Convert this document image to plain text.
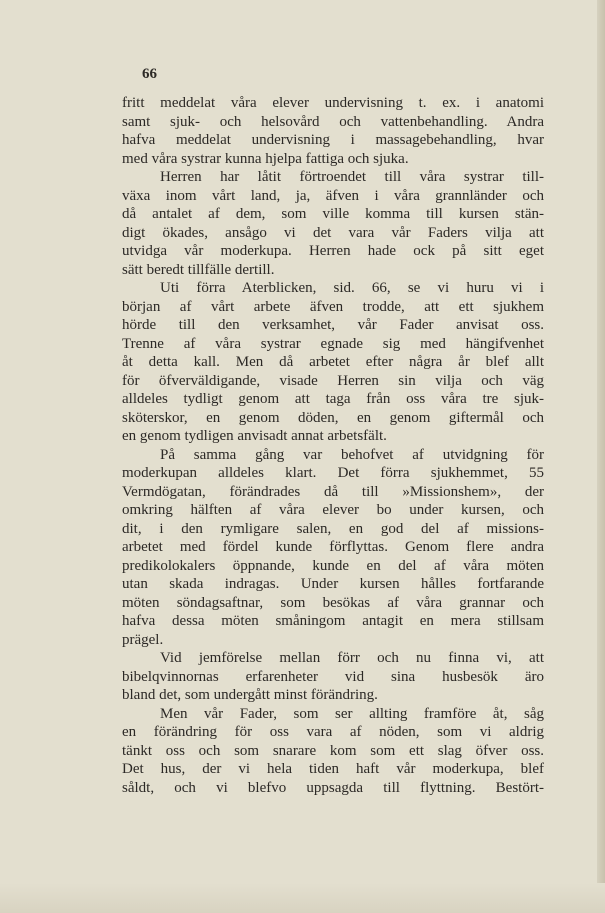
66
fritt meddelat våra elever undervisning t. ex. i anatomi
samt sjuk- och helsovård och vattenbehandling. Andra
hafva meddelat undervisning i massagebehandling, hvar
med våra systrar kunna hjelpa fattiga och sjuka.
Herren har låtit förtroendet till våra systrar till-
växa inom vårt land, ja, äfven i våra grannländer och
då antalet af dem, som ville komma till kursen stän-
digt ökades, ansågo vi det vara vår Faders vilja att
utvidga vår moderkupa. Herren hade ock på sitt eget
sätt beredt tillfälle dertill.
Uti förra Aterblicken, sid. 66, se vi huru vi i
början af vårt arbete äfven trodde, att ett sjukhem
hörde till den verksamhet, vår Fader anvisat oss.
Trenne af våra systrar egnade sig med hängifvenhet
åt detta kall. Men då arbetet efter några år blef allt
för öfverväldigande, visade Herren sin vilja och väg
alldeles tydligt genom att taga från oss våra tre sjuk-
sköterskor, en genom döden, en genom giftermål och
en genom tydligen anvisadt annat arbetsfält.
På samma gång var behofvet af utvidgning för
moderkupan alldeles klart. Det förra sjukhemmet, 55
Vermdögatan, förändrades då till »Missionshem», der
omkring hälften af våra elever bo under kursen, och
dit, i den rymligare salen, en god del af missions-
arbetet med fördel kunde förflyttas. Genom flere andra
predikolokalers öppnande, kunde en del af våra möten
utan skada indragas. Under kursen hålles fortfarande
möten söndagsaftnar, som besökas af våra grannar och
hafva dessa möten småningom antagit en mera stillsam
prägel.
Vid jemförelse mellan förr och nu finna vi, att
bibelqvinnornas erfarenheter vid sina husbesök äro
bland det, som undergått minst förändring.
Men vår Fader, som ser allting framföre åt, såg
en förändring för oss vara af nöden, som vi aldrig
tänkt oss och som snarare kom som ett slag öfver oss.
Det hus, der vi hela tiden haft vår moderkupa, blef
såldt, och vi blefvo uppsagda till flyttning. Bestört-
